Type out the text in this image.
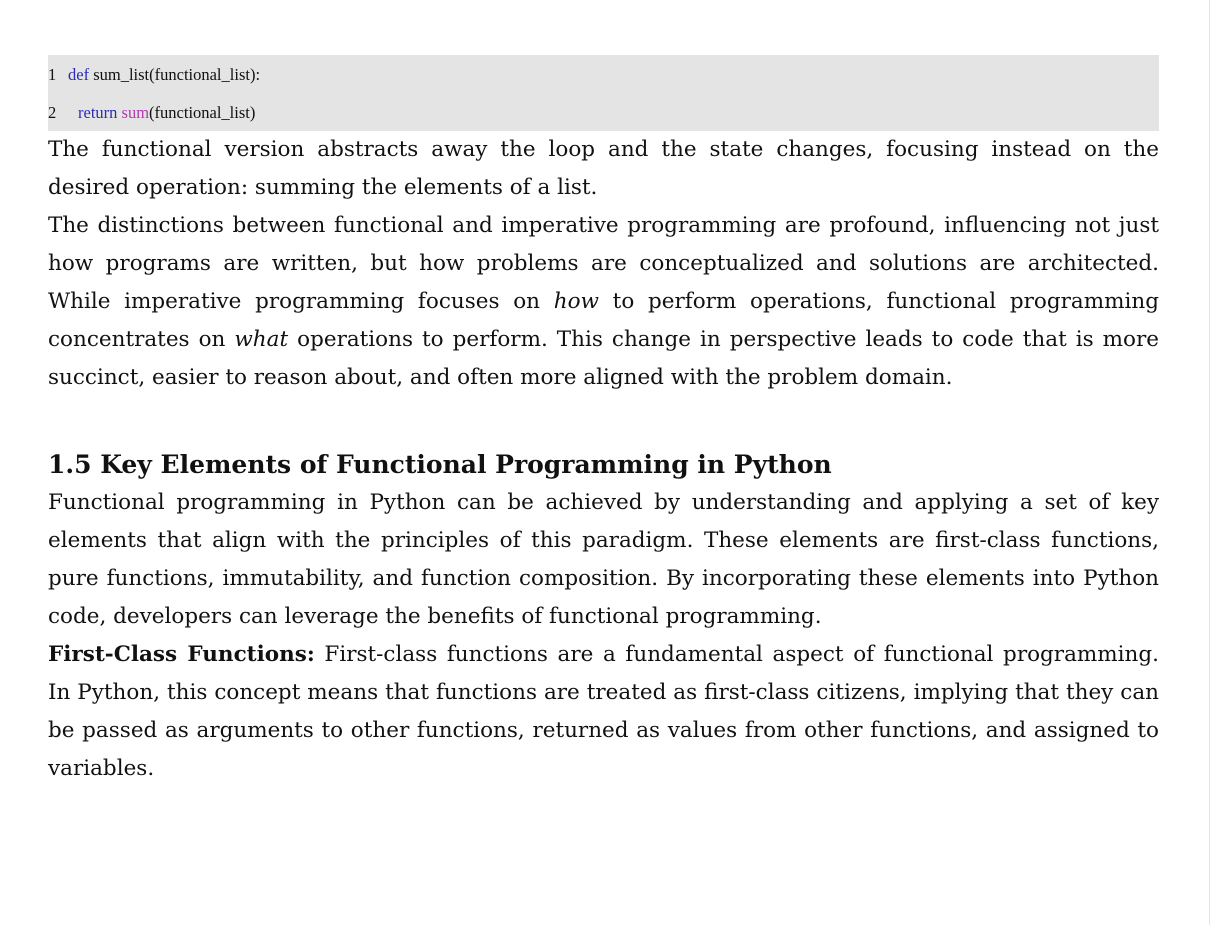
1 def sum_list(functional_list):
2 return sum(functional_list)

The functional version abstracts away the loop and the state changes, focusing instead on the desired operation: summing the elements of a list.

The distinctions between functional and imperative programming are profound, influencing not just how programs are written, but how problems are conceptualized and solutions are architected. While imperative programming focuses on how to perform operations, functional programming concentrates on what operations to perform. This change in perspective leads to code that is more succinct, easier to reason about, and often more aligned with the problem domain.

1.5 Key Elements of Functional Programming in Python

Functional programming in Python can be achieved by understanding and applying a set of key elements that align with the principles of this paradigm. These elements are first-class functions, pure functions, immutability, and function composition. By incorporating these elements into Python code, developers can leverage the benefits of functional programming.

First-Class Functions: First-class functions are a fundamental aspect of functional programming. In Python, this concept means that functions are treated as first-class citizens, implying that they can be passed as arguments to other functions, returned as values from other functions, and assigned to variables.
